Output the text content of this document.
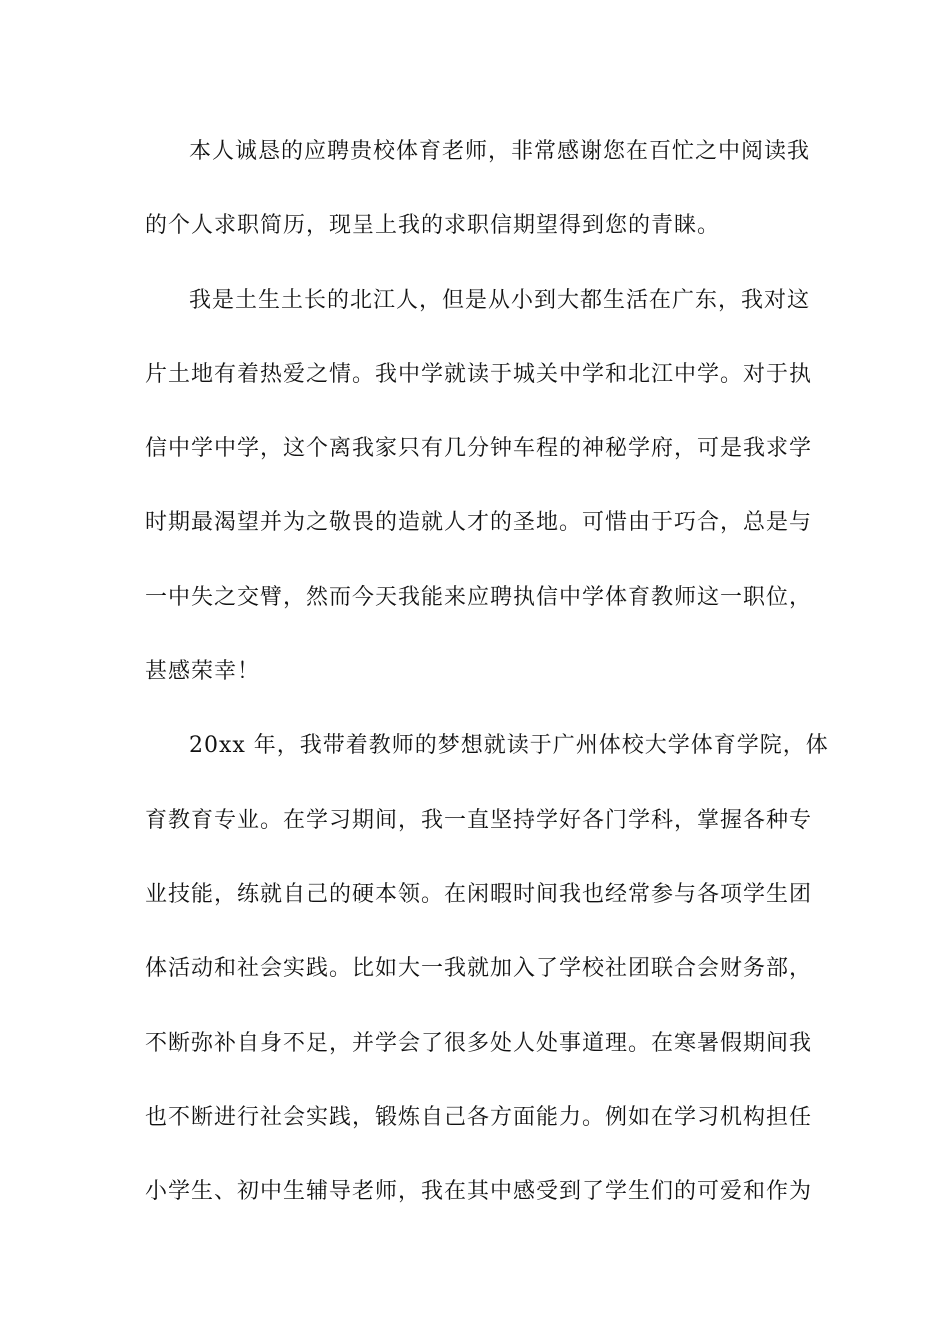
本人诚恳的应聘贵校体育老师，非常感谢您在百忙之中阅读我
的个人求职简历，现呈上我的求职信期望得到您的青睐。
我是土生土长的北江人，但是从小到大都生活在广东，我对这
片土地有着热爱之情。我中学就读于城关中学和北江中学。对于执
信中学中学，这个离我家只有几分钟车程的神秘学府，可是我求学
时期最渴望并为之敬畏的造就人才的圣地。可惜由于巧合，总是与
一中失之交臂，然而今天我能来应聘执信中学体育教师这一职位，
甚感荣幸！
20xx 年，我带着教师的梦想就读于广州体校大学体育学院，体
育教育专业。在学习期间，我一直坚持学好各门学科，掌握各种专
业技能，练就自己的硬本领。在闲暇时间我也经常参与各项学生团
体活动和社会实践。比如大一我就加入了学校社团联合会财务部，
不断弥补自身不足，并学会了很多处人处事道理。在寒暑假期间我
也不断进行社会实践，锻炼自己各方面能力。例如在学习机构担任
小学生、初中生辅导老师，我在其中感受到了学生们的可爱和作为
